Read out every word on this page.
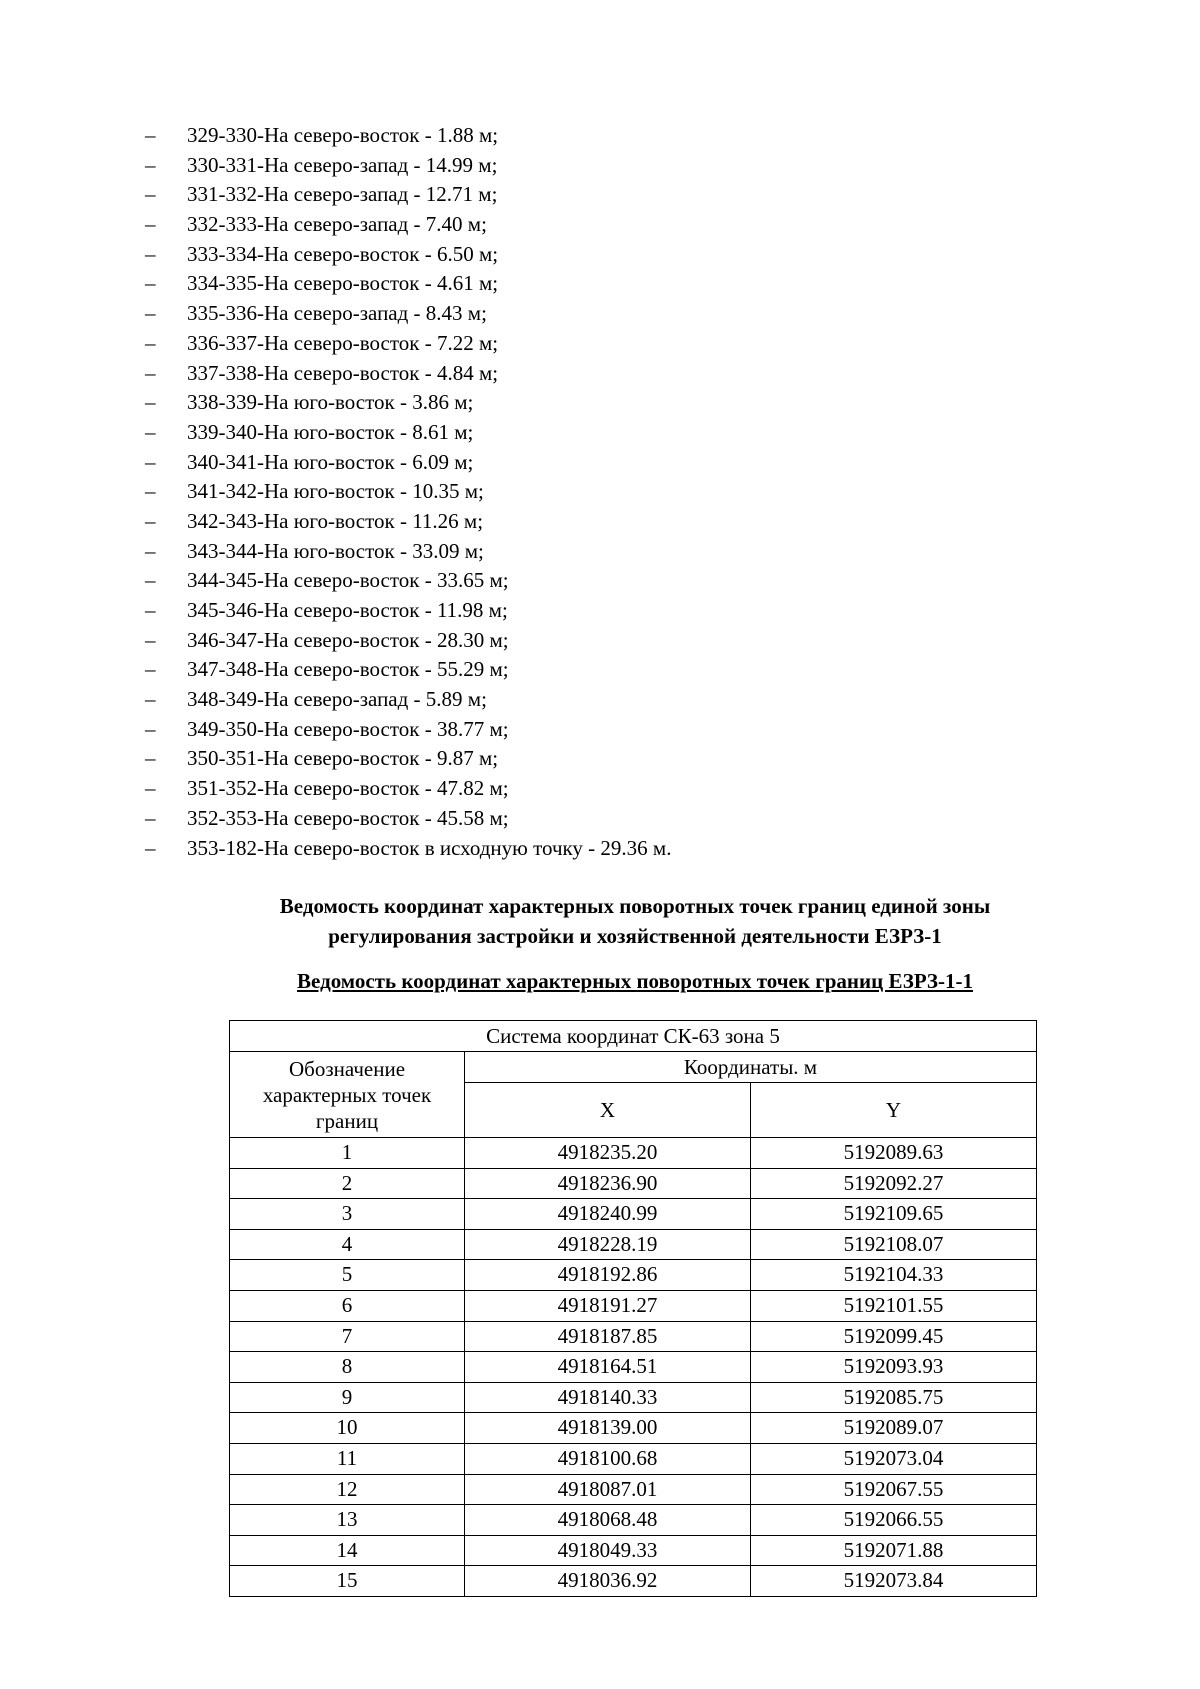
–	329-330-На северо-восток - 1.88 м;
–	330-331-На северо-запад - 14.99 м;
–	331-332-На северо-запад - 12.71 м;
–	332-333-На северо-запад - 7.40 м;
–	333-334-На северо-восток - 6.50 м;
–	334-335-На северо-восток - 4.61 м;
–	335-336-На северо-запад - 8.43 м;
–	336-337-На северо-восток - 7.22 м;
–	337-338-На северо-восток - 4.84 м;
–	338-339-На юго-восток - 3.86 м;
–	339-340-На юго-восток - 8.61 м;
–	340-341-На юго-восток - 6.09 м;
–	341-342-На юго-восток - 10.35 м;
–	342-343-На юго-восток - 11.26 м;
–	343-344-На юго-восток - 33.09 м;
–	344-345-На северо-восток - 33.65 м;
–	345-346-На северо-восток - 11.98 м;
–	346-347-На северо-восток - 28.30 м;
–	347-348-На северо-восток - 55.29 м;
–	348-349-На северо-запад - 5.89 м;
–	349-350-На северо-восток - 38.77 м;
–	350-351-На северо-восток - 9.87 м;
–	351-352-На северо-восток - 47.82 м;
–	352-353-На северо-восток - 45.58 м;
–	353-182-На северо-восток в исходную точку - 29.36 м.

Ведомость координат характерных поворотных точек границ единой зоны
регулирования застройки и хозяйственной деятельности ЕЗРЗ-1

Ведомость координат характерных поворотных точек границ ЕЗРЗ-1-1

Система координат СК-63 зона 5		
Обозначение характерных точек границ	Координаты. м	
	X	Y
1	4918235.20	5192089.63
2	4918236.90	5192092.27
3	4918240.99	5192109.65
4	4918228.19	5192108.07
5	4918192.86	5192104.33
6	4918191.27	5192101.55
7	4918187.85	5192099.45
8	4918164.51	5192093.93
9	4918140.33	5192085.75
10	4918139.00	5192089.07
11	4918100.68	5192073.04
12	4918087.01	5192067.55
13	4918068.48	5192066.55
14	4918049.33	5192071.88
15	4918036.92	5192073.84
